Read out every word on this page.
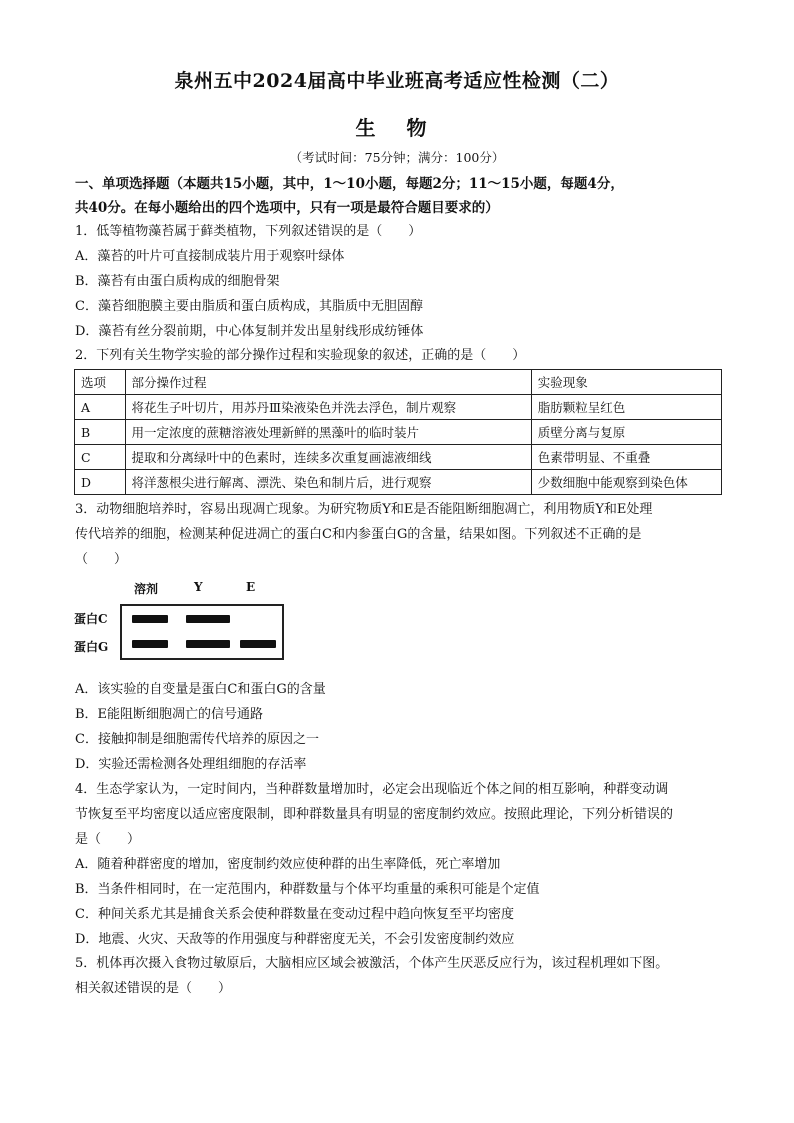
泉州五中2024届高中毕业班高考适应性检测（二）
生 物
（考试时间：75分钟；满分：100分）
一、单项选择题（本题共15小题，其中，1～10小题，每题2分；11～15小题，每题4分，
共40分。在每小题给出的四个选项中，只有一项是最符合题目要求的）
1．低等植物藻苔属于藓类植物，下列叙述错误的是（　　）
A．藻苔的叶片可直接制成装片用于观察叶绿体
B．藻苔有由蛋白质构成的细胞骨架
C．藻苔细胞膜主要由脂质和蛋白质构成，其脂质中无胆固醇
D．藻苔有丝分裂前期，中心体复制并发出星射线形成纺锤体
2．下列有关生物学实验的部分操作过程和实验现象的叙述，正确的是（　　）
选项	部分操作过程	实验现象
A	将花生子叶切片，用苏丹Ⅲ染液染色并洗去浮色，制片观察	脂肪颗粒呈红色
B	用一定浓度的蔗糖溶液处理新鲜的黑藻叶的临时装片	质壁分离与复原
C	提取和分离绿叶中的色素时，连续多次重复画滤液细线	色素带明显、不重叠
D	将洋葱根尖进行解离、漂洗、染色和制片后，进行观察	少数细胞中能观察到染色体
3．动物细胞培养时，容易出现凋亡现象。为研究物质Y和E是否能阻断细胞凋亡，利用物质Y和E处理
传代培养的细胞，检测某种促进凋亡的蛋白C和内参蛋白G的含量，结果如图。下列叙述不正确的是
（　　）
溶剂	Y	E
蛋白C
蛋白G
A．该实验的自变量是蛋白C和蛋白G的含量
B．E能阻断细胞凋亡的信号通路
C．接触抑制是细胞需传代培养的原因之一
D．实验还需检测各处理组细胞的存活率
4．生态学家认为，一定时间内，当种群数量增加时，必定会出现临近个体之间的相互影响，种群变动调
节恢复至平均密度以适应密度限制，即种群数量具有明显的密度制约效应。按照此理论，下列分析错误的
是（　　）
A．随着种群密度的增加，密度制约效应使种群的出生率降低，死亡率增加
B．当条件相同时，在一定范围内，种群数量与个体平均重量的乘积可能是个定值
C．种间关系尤其是捕食关系会使种群数量在变动过程中趋向恢复至平均密度
D．地震、火灾、天敌等的作用强度与种群密度无关，不会引发密度制约效应
5．机体再次摄入食物过敏原后，大脑相应区域会被激活，个体产生厌恶反应行为，该过程机理如下图。
相关叙述错误的是（　　）
